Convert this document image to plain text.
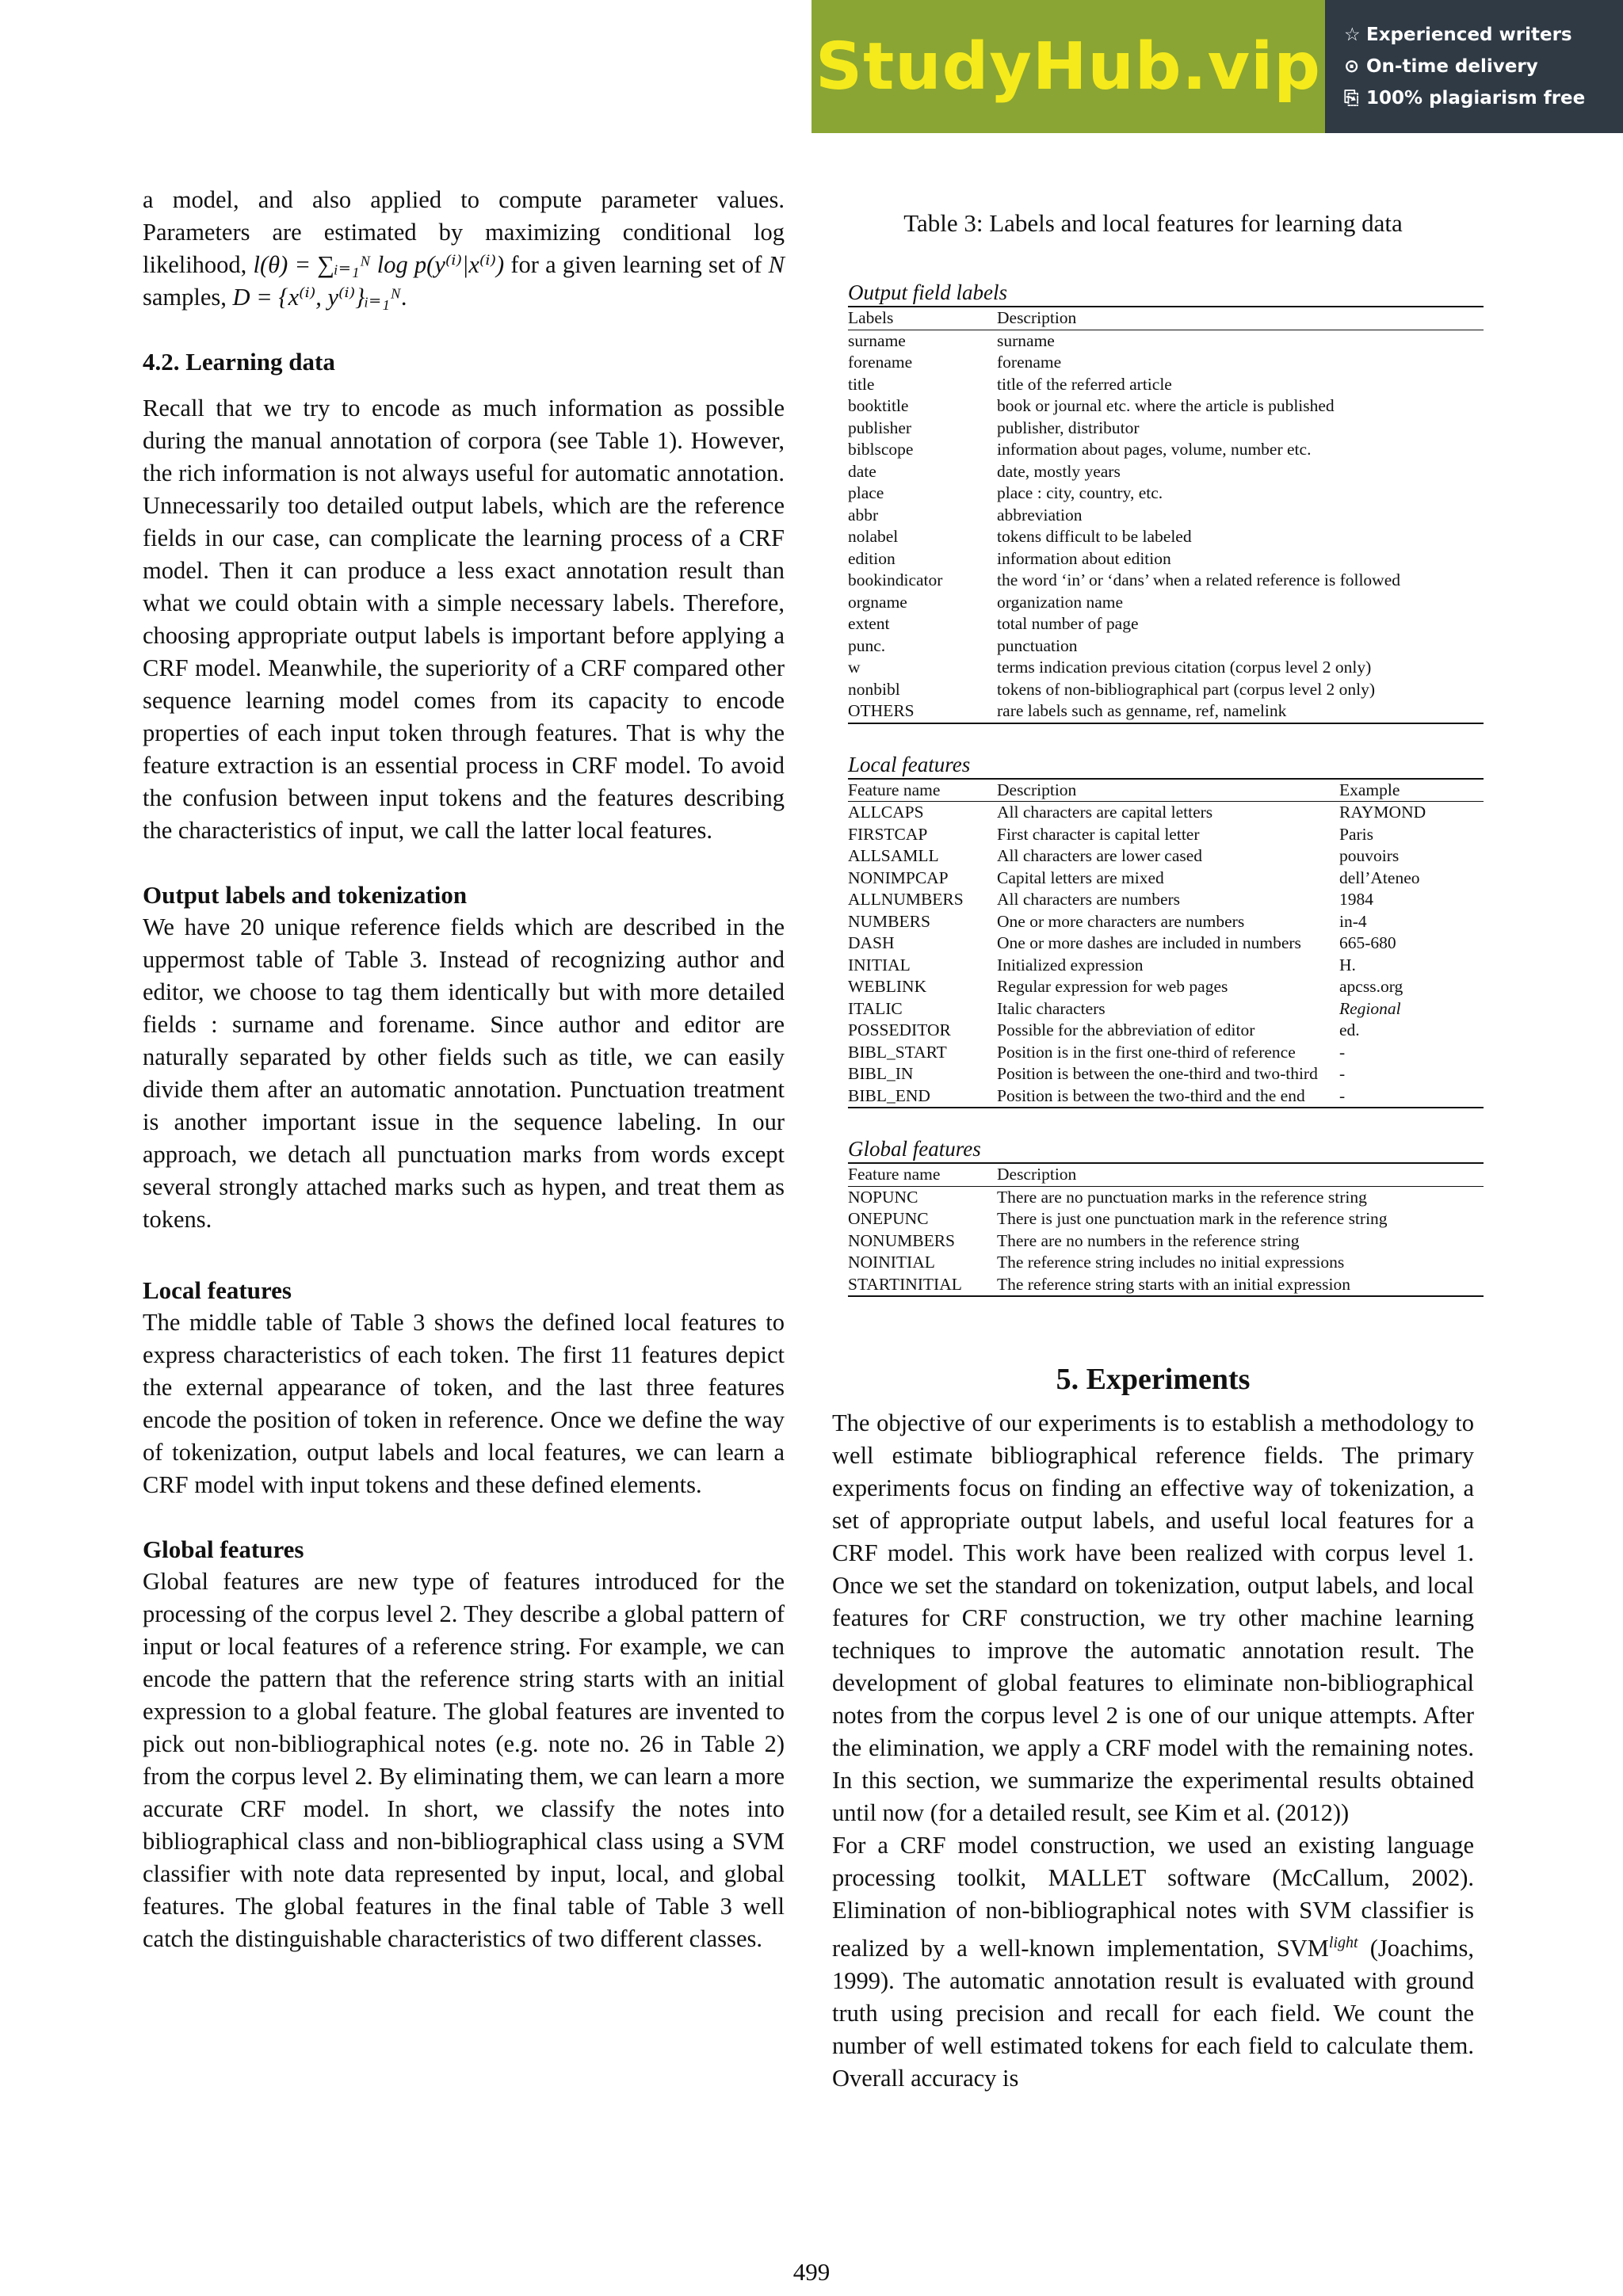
StudyHub.vip ☆ Experienced writers
⊙ On-time delivery
⎘ 100% plagiarism free

a model, and also applied to compute parameter values. Parameters are estimated by maximizing conditional log likelihood, l(θ) = ∑ᵢ₌₁ᴺ log p(y⁽ⁱ⁾|x⁽ⁱ⁾) for a given learning set of N samples, D = {x⁽ⁱ⁾, y⁽ⁱ⁾}ᵢ₌₁ᴺ.

4.2. Learning data

Recall that we try to encode as much information as possible during the manual annotation of corpora (see Table 1). However, the rich information is not always useful for automatic annotation. Unnecessarily too detailed output labels, which are the reference fields in our case, can complicate the learning process of a CRF model. Then it can produce a less exact annotation result than what we could obtain with a simple necessary labels. Therefore, choosing appropriate output labels is important before applying a CRF model. Meanwhile, the superiority of a CRF compared other sequence learning model comes from its capacity to encode properties of each input token through features. That is why the feature extraction is an essential process in CRF model. To avoid the confusion between input tokens and the features describing the characteristics of input, we call the latter local features.

Output labels and tokenization

We have 20 unique reference fields which are described in the uppermost table of Table 3. Instead of recognizing author and editor, we choose to tag them identically but with more detailed fields : surname and forename. Since author and editor are naturally separated by other fields such as title, we can easily divide them after an automatic annotation. Punctuation treatment is another important issue in the sequence labeling. In our approach, we detach all punctuation marks from words except several strongly attached marks such as hypen, and treat them as tokens.

Local features

The middle table of Table 3 shows the defined local features to express characteristics of each token. The first 11 features depict the external appearance of token, and the last three features encode the position of token in reference. Once we define the way of tokenization, output labels and local features, we can learn a CRF model with input tokens and these defined elements.

Global features

Global features are new type of features introduced for the processing of the corpus level 2. They describe a global pattern of input or local features of a reference string. For example, we can encode the pattern that the reference string starts with an initial expression to a global feature. The global features are invented to pick out non-bibliographical notes (e.g. note no. 26 in Table 2) from the corpus level 2. By eliminating them, we can learn a more accurate CRF model. In short, we classify the notes into bibliographical class and non-bibliographical class using a SVM classifier with note data represented by input, local, and global features. The global features in the final table of Table 3 well catch the distinguishable characteristics of two different classes.

Table 3: Labels and local features for learning data
Output field labels
Labels	Description
surname	surname
forename	forename
title	title of the referred article
booktitle	book or journal etc. where the article is published
publisher	publisher, distributor
biblscope	information about pages, volume, number etc.
date	date, mostly years
place	place : city, country, etc.
abbr	abbreviation
nolabel	tokens difficult to be labeled
edition	information about edition
bookindicator	the word ‘in’ or ‘dans’ when a related reference is followed
orgname	organization name
extent	total number of page
punc.	punctuation
w	terms indication previous citation (corpus level 2 only)
nonbibl	tokens of non-bibliographical part (corpus level 2 only)
OTHERS	rare labels such as genname, ref, namelink
Local features
Feature name	Description	Example
ALLCAPS	All characters are capital letters	RAYMOND
FIRSTCAP	First character is capital letter	Paris
ALLSAMLL	All characters are lower cased	pouvoirs
NONIMPCAP	Capital letters are mixed	dell’Ateneo
ALLNUMBERS	All characters are numbers	1984
NUMBERS	One or more characters are numbers	in-4
DASH	One or more dashes are included in numbers	665-680
INITIAL	Initialized expression	H.
WEBLINK	Regular expression for web pages	apcss.org
ITALIC	Italic characters	Regional
POSSEDITOR	Possible for the abbreviation of editor	ed.
BIBL_START	Position is in the first one-third of reference	-
BIBL_IN	Position is between the one-third and two-third	-
BIBL_END	Position is between the two-third and the end	-
Global features
Feature name	Description
NOPUNC	There are no punctuation marks in the reference string
ONEPUNC	There is just one punctuation mark in the reference string
NONUMBERS	There are no numbers in the reference string
NOINITIAL	The reference string includes no initial expressions
STARTINITIAL	The reference string starts with an initial expression
5. Experiments

The objective of our experiments is to establish a methodology to well estimate bibliographical reference fields. The primary experiments focus on finding an effective way of tokenization, a set of appropriate output labels, and useful local features for a CRF model. This work have been realized with corpus level 1. Once we set the standard on tokenization, output labels, and local features for CRF construction, we try other machine learning techniques to improve the automatic annotation result. The development of global features to eliminate non-bibliographical notes from the corpus level 2 is one of our unique attempts. After the elimination, we apply a CRF model with the remaining notes. In this section, we summarize the experimental results obtained until now (for a detailed result, see Kim et al. (2012))

For a CRF model construction, we used an existing language processing toolkit, MALLET software (McCallum, 2002). Elimination of non-bibliographical notes with SVM classifier is realized by a well-known implementation, $SVM^{light}$ (Joachims, 1999). The automatic annotation result is evaluated with ground truth using precision and recall for each field. We count the number of well estimated tokens for each field to calculate them. Overall accuracy is

499
